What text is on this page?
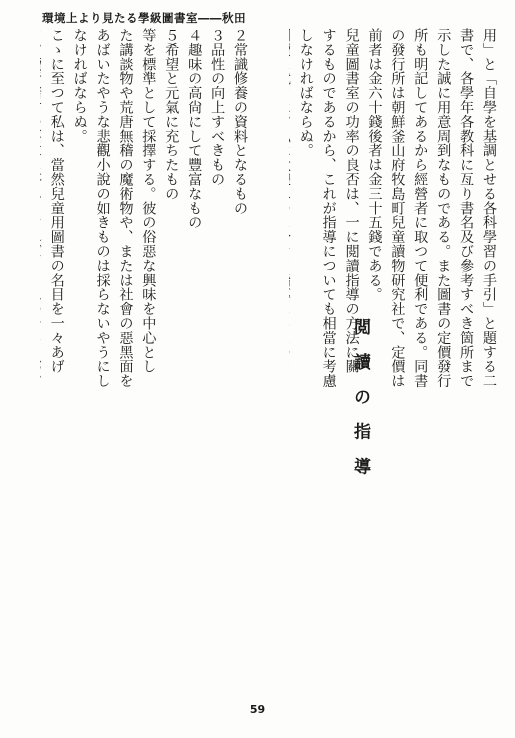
環境上より見たる學級圖書室――秋田
用」と「自學を基調とせる各科學習の手引」と題する二
書で、各學年各教科に亙り書名及び參考すべき箇所まで
示した誠に用意周到なものである。また圖書の定價發行
所も明記してあるから經營者に取つて便利である。同書
の發行所は朝鮮釜山府牧島町兒童讀物研究社で、定價は
前者は金六十錢後者は金三十五錢である。
兒童圖書室の功率の良否は、一に閲讀指導の方法に關
するものであるから、これが指導についても相當に考慮
しなければならぬ。
閲 讀 の 指 導
２常識修養の資料となるもの
３品性の向上すべきもの
４趣味の高尙にして豐富なもの
５希望と元氣に充ちたもの
等を標準として採擇する。彼の俗惡な興味を中心とし
た講談物や荒唐無稽の魔術物や、または社會の惡黑面を
あばいたやうな悲觀小說の如きものは採らないやうにし
なければならぬ。
こゝに至つて私は、當然兒童用圖書の名目を一々あげ
59
